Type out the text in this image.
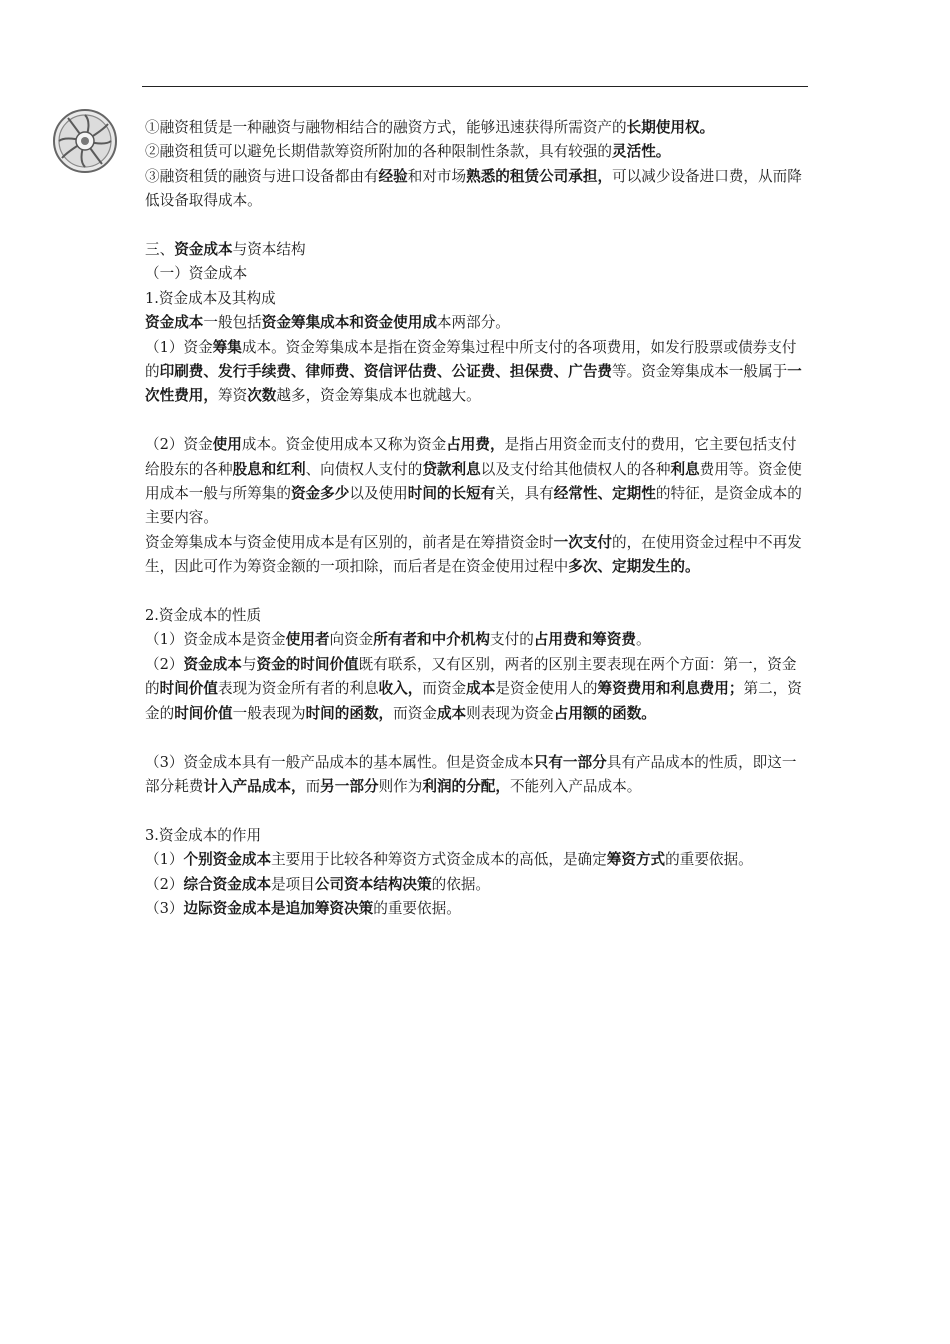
①融资租赁是一种融资与融物相结合的融资方式，能够迅速获得所需资产的长期使用权。

②融资租赁可以避免长期借款筹资所附加的各种限制性条款，具有较强的灵活性。

③融资租赁的融资与进口设备都由有经验和对市场熟悉的租赁公司承担，可以减少设备进口费，从而降低设备取得成本。

三、资金成本与资本结构

（一）资金成本

1.资金成本及其构成

资金成本一般包括资金筹集成本和资金使用成本两部分。

（1）资金筹集成本。资金筹集成本是指在资金筹集过程中所支付的各项费用，如发行股票或债券支付的印刷费、发行手续费、律师费、资信评估费、公证费、担保费、广告费等。资金筹集成本一般属于一次性费用，筹资次数越多，资金筹集成本也就越大。

（2）资金使用成本。资金使用成本又称为资金占用费，是指占用资金而支付的费用，它主要包括支付给股东的各种股息和红利、向债权人支付的贷款利息以及支付给其他债权人的各种利息费用等。资金使用成本一般与所筹集的资金多少以及使用时间的长短有关，具有经常性、定期性的特征，是资金成本的主要内容。

资金筹集成本与资金使用成本是有区别的，前者是在筹措资金时一次支付的，在使用资金过程中不再发生，因此可作为筹资金额的一项扣除，而后者是在资金使用过程中多次、定期发生的。

2.资金成本的性质

（1）资金成本是资金使用者向资金所有者和中介机构支付的占用费和筹资费。

（2）资金成本与资金的时间价值既有联系，又有区别，两者的区别主要表现在两个方面：第一，资金的时间价值表现为资金所有者的利息收入，而资金成本是资金使用人的筹资费用和利息费用；第二，资金的时间价值一般表现为时间的函数，而资金成本则表现为资金占用额的函数。

（3）资金成本具有一般产品成本的基本属性。但是资金成本只有一部分具有产品成本的性质，即这一部分耗费计入产品成本，而另一部分则作为利润的分配，不能列入产品成本。

3.资金成本的作用

（1）个别资金成本主要用于比较各种筹资方式资金成本的高低，是确定筹资方式的重要依据。

（2）综合资金成本是项目公司资本结构决策的依据。

（3）边际资金成本是追加筹资决策的重要依据。
